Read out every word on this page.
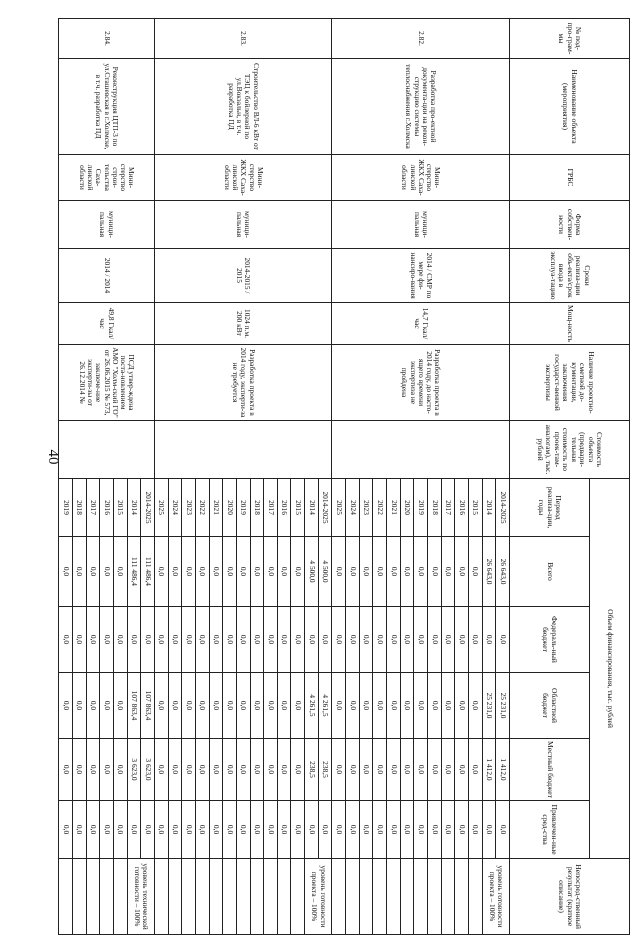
40
№ под-про-грам-мы	Наименование объекта (мероприятия)	ГРБС	Форма собствен-ности	Сроки реализа-ции объ-екта/срок ввода в эксплуа-тацию	Мощ-ность	Наличие проектно-сметной до-кументации, заключения государст-венной экспертизы	Стоимость объекта (предвари-тельная стоимость по проек-там-аналогам), тыс. рублей	Объем финансирования, тыс. рублей						Непосред-ственный результат (краткое описание)
								Период реализа-ции, годы	Всего	Федераль-ный бюджет	Областной бюджет	Местный бюджет	Привлечен-ные сред-ства	
2.82.	Разработка про-ектной документа-ции на рекон-струкцию системы теплоснабжения г.Холмска	Мини-стерство ЖКХ Саха-линской области	муници-пальная	2014 / СМР по мере фи-нансиро-вания	14,7 Гкал/час	Разработка проекта в 2014 году, до насто-ящего времени экспертиза не пройдена		2014-2025	26 643,0	0,0	25 231,0	1 412,0	0,0	уровень готовности проекта – 100%
								2014	26 643,0	0,0	25 231,0	1 412,0	0,0	
								2015	0,0	0,0	0,0	0,0	0,0	
								2016	0,0	0,0	0,0	0,0	0,0	
								2017	0,0	0,0	0,0	0,0	0,0	
								2018	0,0	0,0	0,0	0,0	0,0	
								2019	0,0	0,0	0,0	0,0	0,0	
								2020	0,0	0,0	0,0	0,0	0,0	
								2021	0,0	0,0	0,0	0,0	0,0	
								2022	0,0	0,0	0,0	0,0	0,0	
								2023	0,0	0,0	0,0	0,0	0,0	
								2024	0,0	0,0	0,0	0,0	0,0	
								2025	0,0	0,0	0,0	0,0	0,0	
2.83.	Строительство ВЛ-6 кВт от ТЭЦ к бойлерной по ул.Вокзальн, в т.ч. разработка ПД	Мини-стерство ЖКХ Саха-линской области	муници-пальная	2014-2015 / 2015	1024 п.м. 200 кВт	Разработка проекта в 2014 году, эксперти-за не требуется		2014-2025	4 500,0	0,0	4 261,5	238,5	0,0	уровень готовности проекта – 100%
								2014	4 500,0	0,0	4 261,5	238,5	0,0	
								2015	0,0	0,0	0,0	0,0	0,0	
								2016	0,0	0,0	0,0	0,0	0,0	
								2017	0,0	0,0	0,0	0,0	0,0	
								2018	0,0	0,0	0,0	0,0	0,0	
								2019	0,0	0,0	0,0	0,0	0,0	
								2020	0,0	0,0	0,0	0,0	0,0	
								2021	0,0	0,0	0,0	0,0	0,0	
								2022	0,0	0,0	0,0	0,0	0,0	
								2023	0,0	0,0	0,0	0,0	0,0	
								2024	0,0	0,0	0,0	0,0	0,0	
								2025	0,0	0,0	0,0	0,0	0,0	
2.84.	Реконструкция ЦТП-3 по ул.Сташевская в г.Холмске, в т.ч. разработка ПД	Мини-стерство стрoи-тельства Саха-линской области	муници-пальная	2014 / 2014	49,8 Гкал/час	ПСД утвер-ждена поста-новлением АМО "Холм-ский ГО" от 26.06.2015 № 573, заключе-ние эксперти-зы от 26.12.2014 №		2014-2025	111 486,4	0,0	107 863,4	3 623,0	0,0	уровень технической готовности – 100%
								2014	111 486,4	0,0	107 863,4	3 623,0	0,0	
								2015	0,0	0,0	0,0	0,0	0,0	
								2016	0,0	0,0	0,0	0,0	0,0	
								2017	0,0	0,0	0,0	0,0	0,0	
								2018	0,0	0,0	0,0	0,0	0,0	
								2019	0,0	0,0	0,0	0,0	0,0	
